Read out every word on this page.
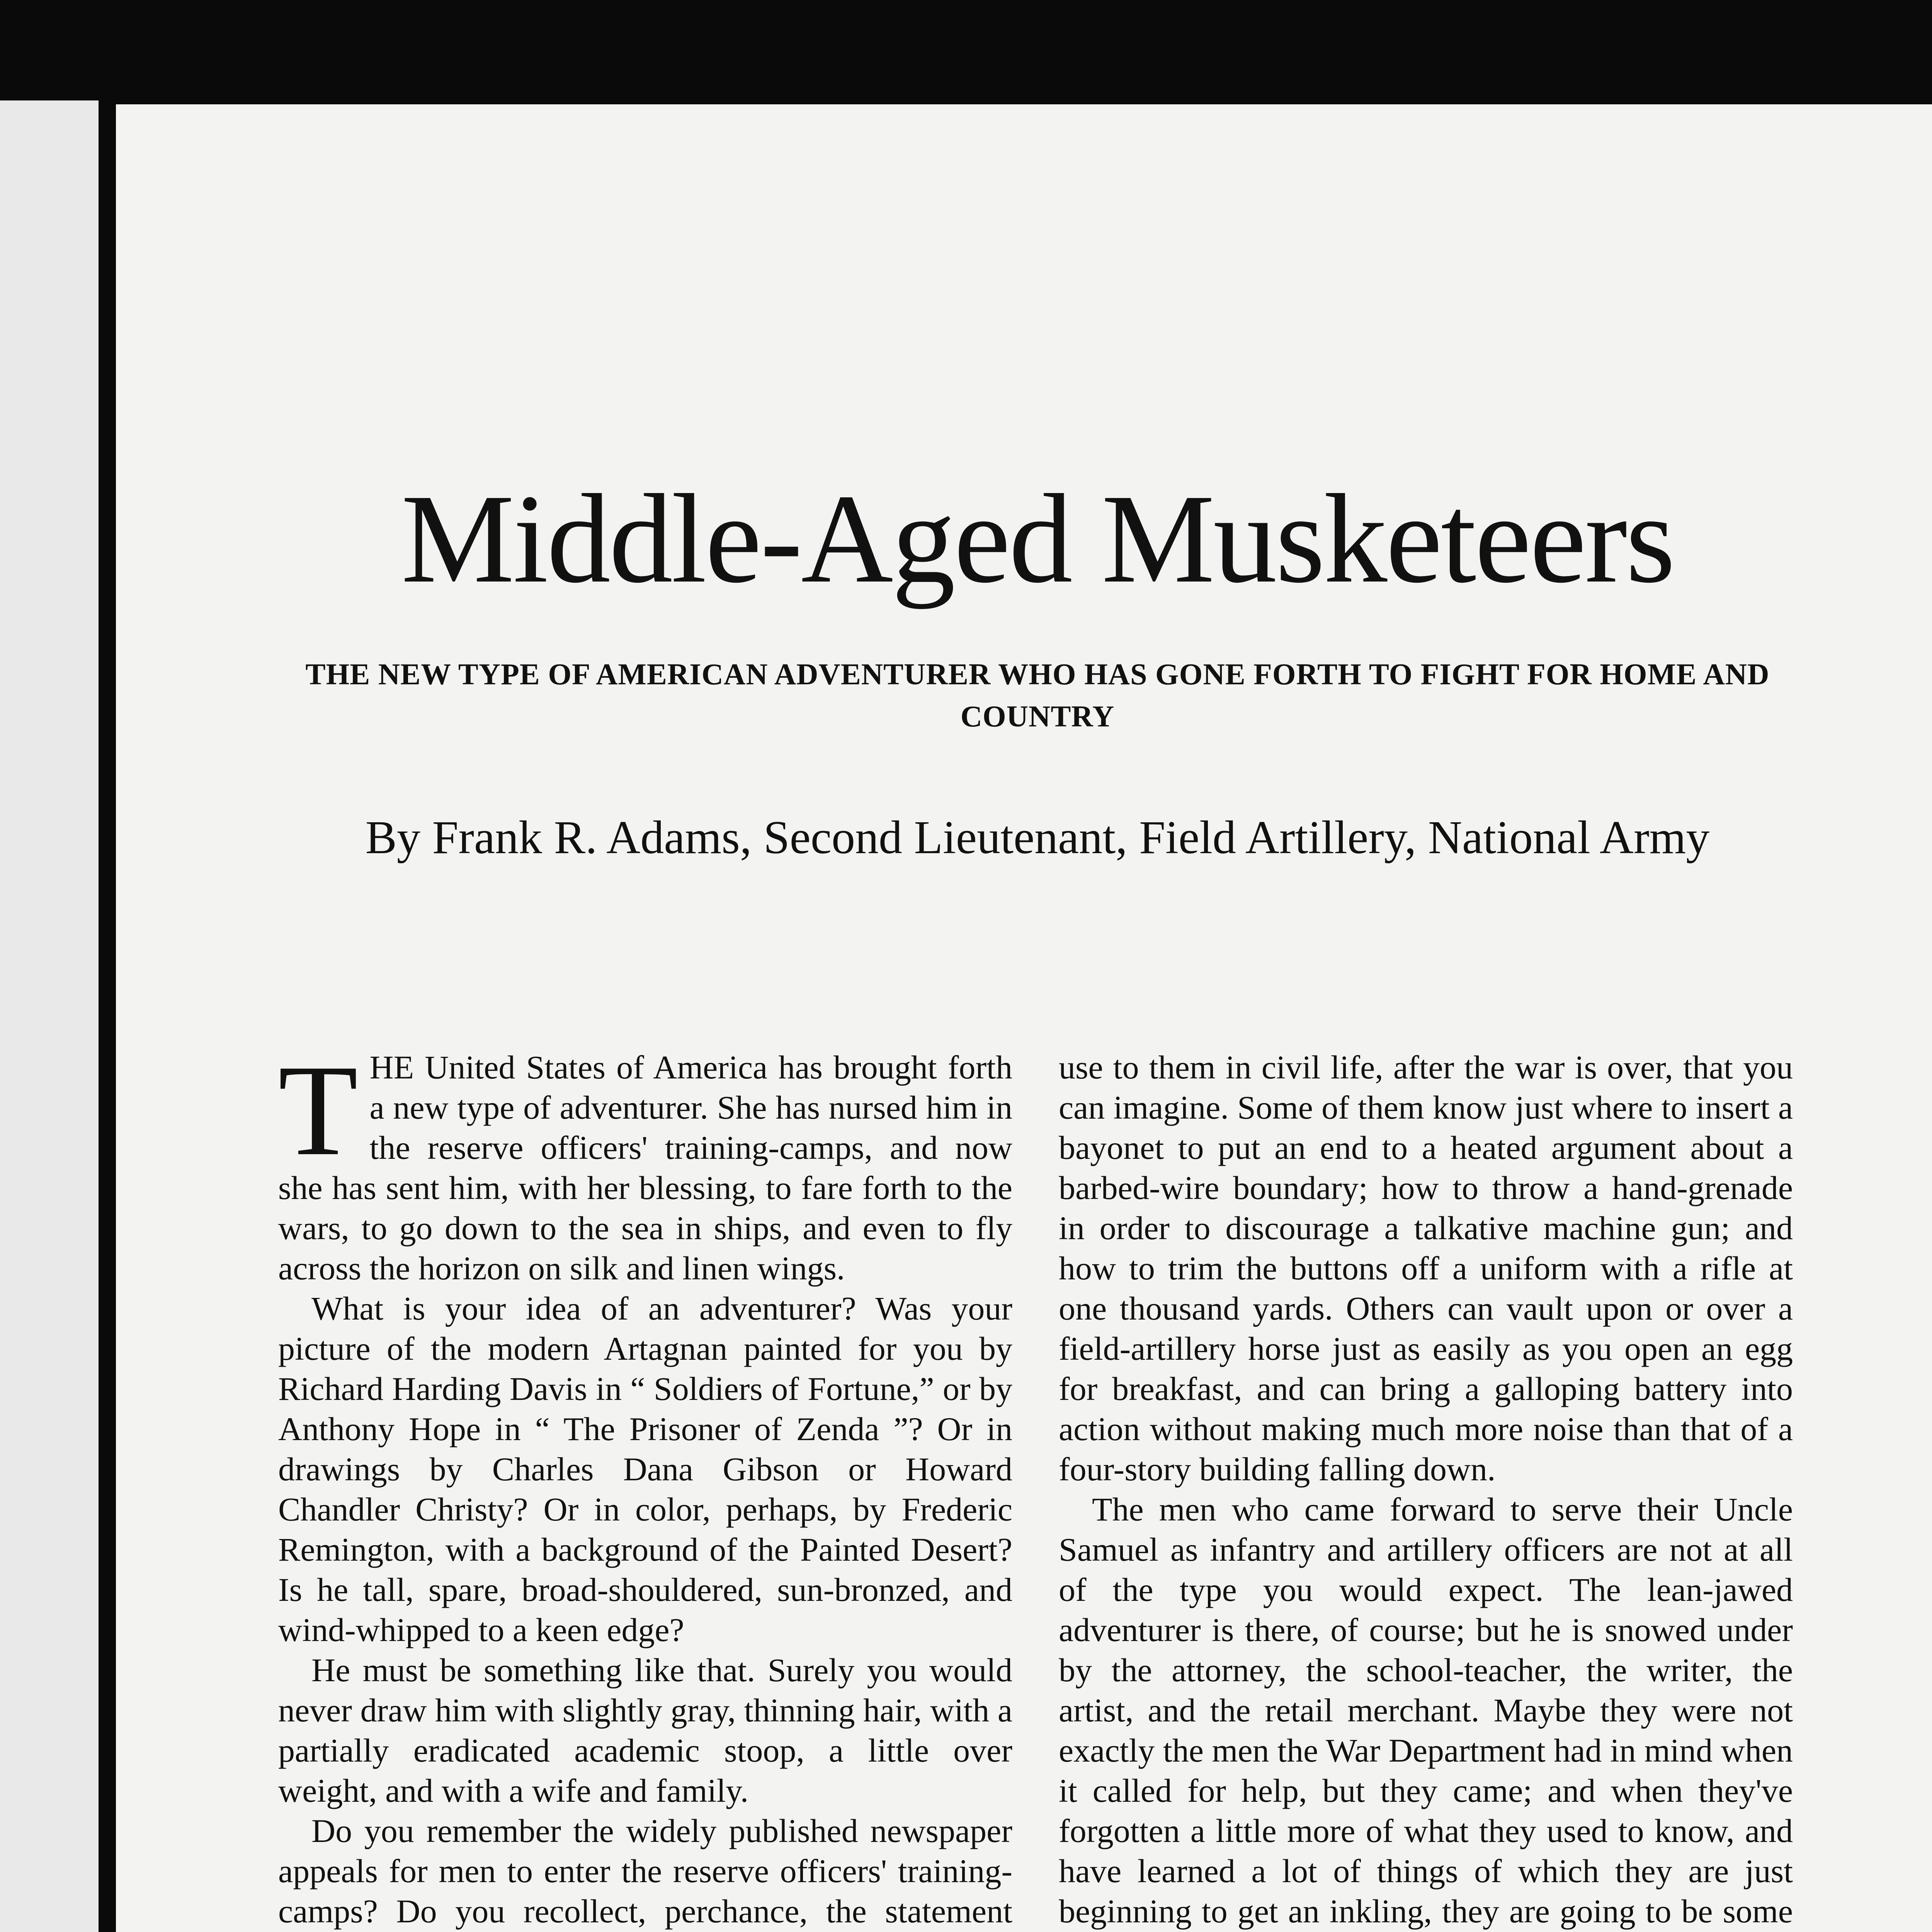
Middle-Aged Musketeers

THE NEW TYPE OF AMERICAN ADVENTURER WHO HAS GONE FORTH TO FIGHT FOR HOME AND COUNTRY

By Frank R. Adams, Second Lieutenant, Field Artillery, National Army

THE United States of America has brought forth a new type of adventurer. She has nursed him in the reserve officers' training-camps, and now she has sent him, with her blessing, to fare forth to the wars, to go down to the sea in ships, and even to fly across the horizon on silk and linen wings.

What is your idea of an adventurer? Was your picture of the modern Artagnan painted for you by Richard Harding Davis in “ Soldiers of Fortune,” or by Anthony Hope in “ The Prisoner of Zenda ”? Or in drawings by Charles Dana Gibson or Howard Chandler Christy? Or in color, perhaps, by Frederic Remington, with a background of the Painted Desert? Is he tall, spare, broad-shouldered, sun-bronzed, and wind-whipped to a keen edge?

He must be something like that. Surely you would never draw him with slightly gray, thinning hair, with a partially eradicated academic stoop, a little over weight, and with a wife and family.

Do you remember the widely published newspaper appeals for men to enter the reserve officers' training-camps? Do you recollect, perchance, the statement

use to them in civil life, after the war is over, that you can imagine. Some of them know just where to insert a bayonet to put an end to a heated argument about a barbed-wire boundary; how to throw a hand-grenade in order to discourage a talkative machine gun; and how to trim the buttons off a uniform with a rifle at one thousand yards. Others can vault upon or over a field-artillery horse just as easily as you open an egg for breakfast, and can bring a galloping battery into action without making much more noise than that of a four-story building falling down.

The men who came forward to serve their Uncle Samuel as infantry and artillery officers are not at all of the type you would expect. The lean-jawed adventurer is there, of course; but he is snowed under by the attorney, the school-teacher, the writer, the artist, and the retail merchant. Maybe they were not exactly the men the War Department had in mind when it called for help, but they came; and when they've forgotten a little more of what they used to know, and have learned a lot of things of which they are just beginning to get an inkling, they are going to be some
